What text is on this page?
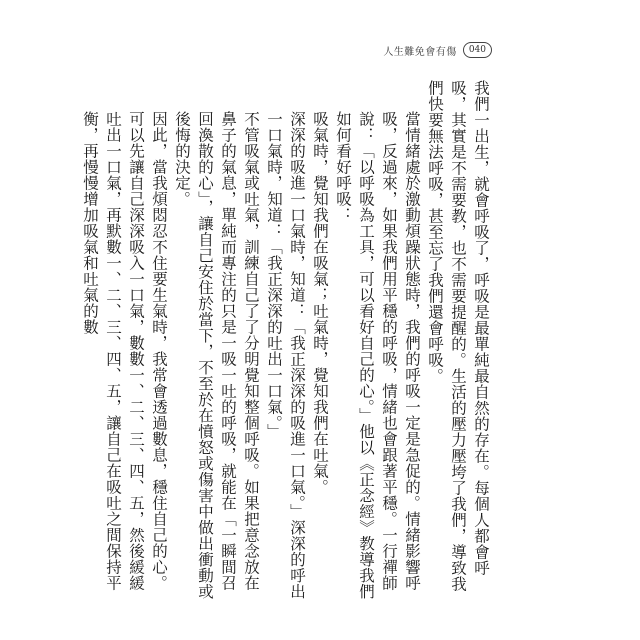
人生難免會有傷	040

我們一出生，就會呼吸了，呼吸是最單純最自然的存在。每個人都會呼吸，其實是不需要教，也不需要提醒的。生活的壓力壓垮了我們，導致我們快要無法呼吸，甚至忘了我們還會呼吸。

當情緒處於激動煩躁狀態時，我們的呼吸一定是急促的。情緒影響呼吸，反過來，如果我們用平穩的呼吸，情緒也會跟著平穩。一行禪師說：「以呼吸為工具，可以看好自己的心。」他以《正念經》教導我們如何看好呼吸：

吸氣時，覺知我們在吸氣；吐氣時，覺知我們在吐氣。

深深的吸進一口氣時，知道：「我正深深的吸進一口氣。」深深的呼出一口氣時，知道：「我正深深的吐出一口氣。」

不管吸氣或吐氣，訓練自己了了分明覺知整個呼吸。如果把意念放在鼻子的氣息，單純而專注的只是一吸一吐的呼吸，就能在「一瞬間召回渙散的心」，讓自己安住於當下，不至於在憤怒或傷害中做出衝動或後悔的決定。

因此，當我煩悶忍不住要生氣時，我常會透過數息，穩住自己的心。可以先讓自己深深吸入一口氣，數數一、二、三、四、五，然後緩緩吐出一口氣，再默數一、二、三、四、五，讓自己在吸吐之間保持平衡，再慢慢增加吸氣和吐氣的數
